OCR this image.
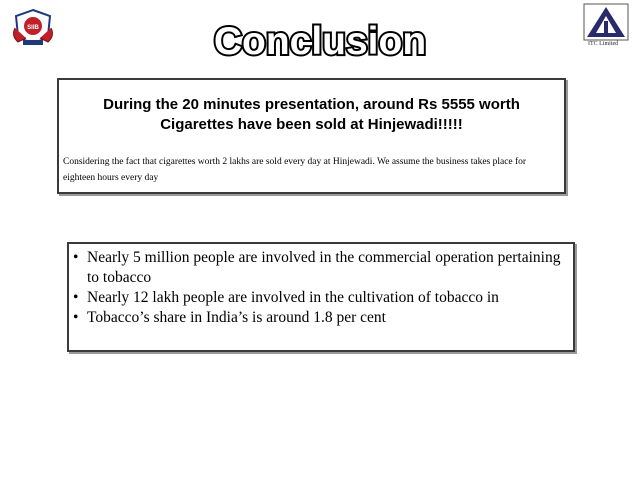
SIIB	Conclusion	ITC Limited
During the 20 minutes presentation, around Rs 5555 worth Cigarettes have been sold at Hinjewadi!!!!!
Considering the fact that cigarettes worth 2 lakhs are sold every day at Hinjewadi. We assume the business takes place for eighteen hours every day
• Nearly 5 million people are involved in the commercial operation pertaining to tobacco
• Nearly 12 lakh people are involved in the cultivation of tobacco in
• Tobacco’s share in India’s is around 1.8 per cent
